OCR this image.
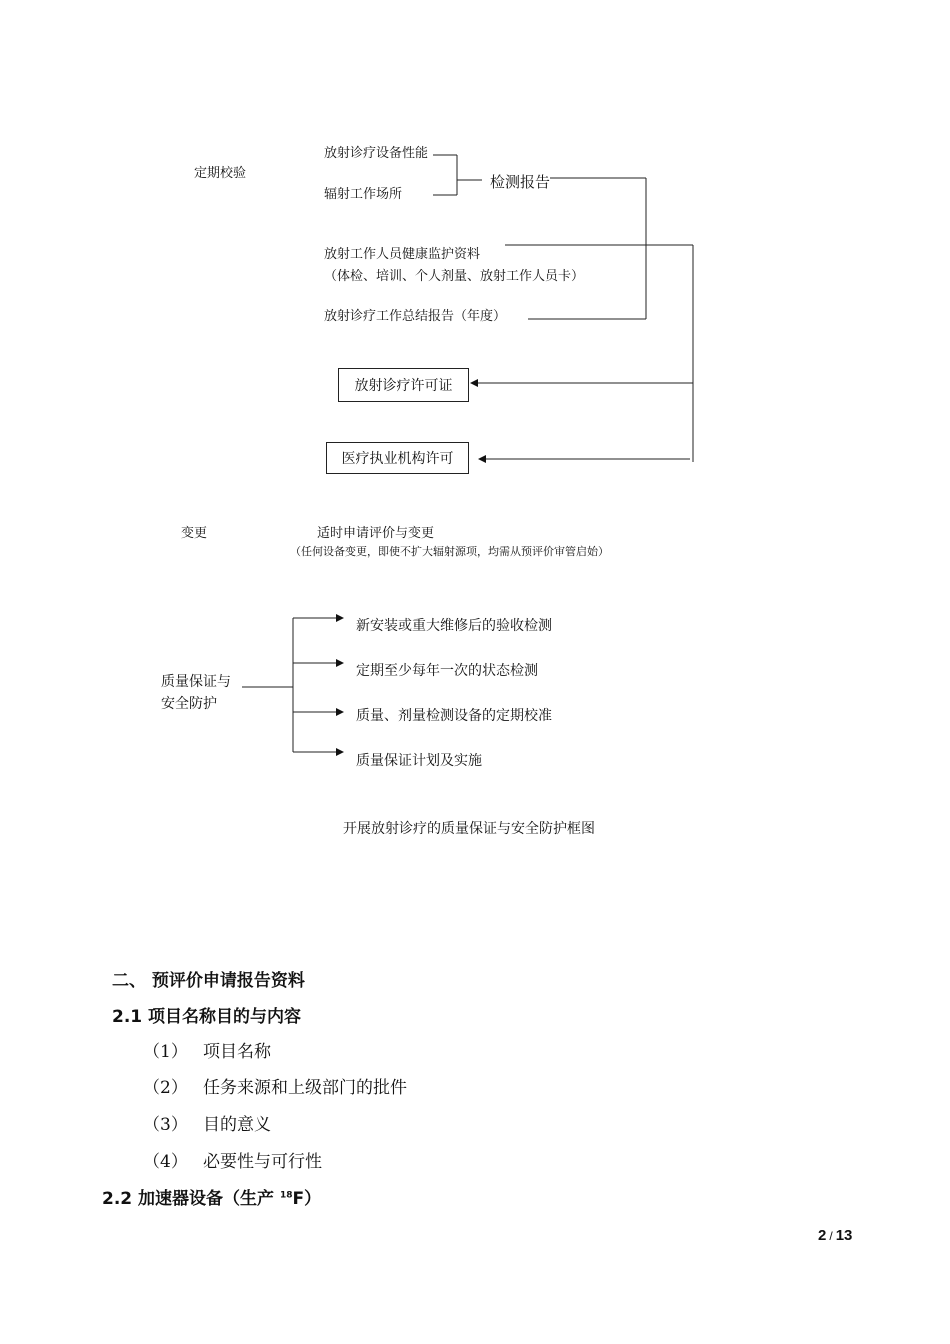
定期校验
放射诊疗设备性能
辐射工作场所
检测报告
放射工作人员健康监护资料
（体检、培训、个人剂量、放射工作人员卡）
放射诊疗工作总结报告（年度）
放射诊疗许可证
医疗执业机构许可
变更	适时申请评价与变更
（任何设备变更，即使不扩大辐射源项，均需从预评价审管启始）
质量保证与
安全防护
新安装或重大维修后的验收检测
定期至少每年一次的状态检测
质量、剂量检测设备的定期校准
质量保证计划及实施
开展放射诊疗的质量保证与安全防护框图
二、 预评价申请报告资料
2.1 项目名称目的与内容
（1） 项目名称
（2） 任务来源和上级部门的批件
（3） 目的意义
（4） 必要性与可行性
2.2 加速器设备（生产 $^{18}$F）
2 / 13
